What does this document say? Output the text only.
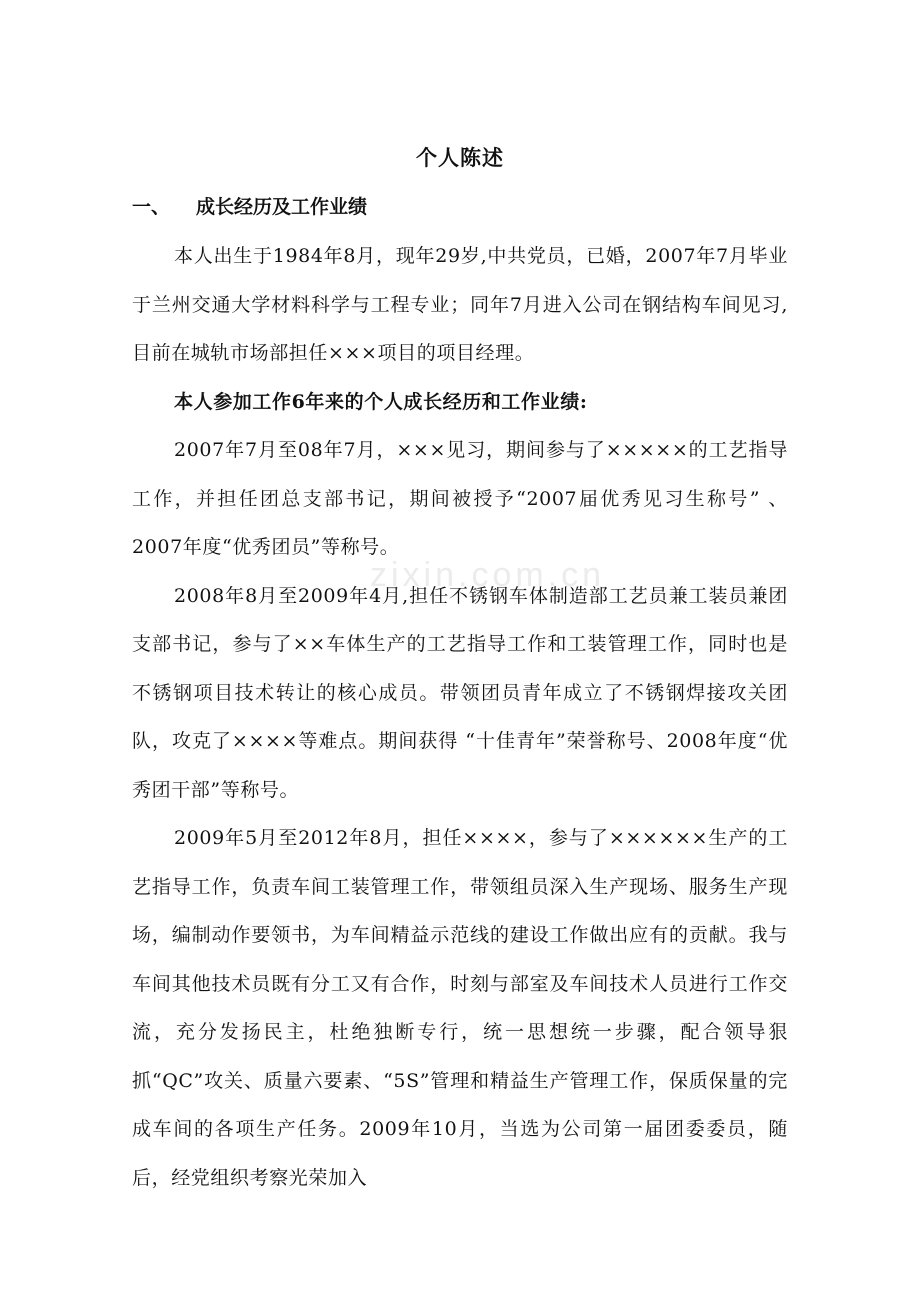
个人陈述
一、 成长经历及工作业绩

本人出生于1984年8月，现年29岁,中共党员，已婚，2007年7月毕业于兰州交通大学材料科学与工程专业；同年7月进入公司在钢结构车间见习,目前在城轨市场部担任×××项目的项目经理。

本人参加工作6年来的个人成长经历和工作业绩:

2007年7月至08年7月，×××见习，期间参与了×××××的工艺指导工作，并担任团总支部书记，期间被授予“2007届优秀见习生称号” 、2007年度“优秀团员”等称号。

2008年8月至2009年4月,担任不锈钢车体制造部工艺员兼工装员兼团支部书记，参与了××车体生产的工艺指导工作和工装管理工作，同时也是不锈钢项目技术转让的核心成员。带领团员青年成立了不锈钢焊接攻关团队，攻克了××××等难点。期间获得 “十佳青年”荣誉称号、2008年度“优秀团干部”等称号。

2009年5月至2012年8月，担任××××，参与了××××××生产的工艺指导工作，负责车间工装管理工作，带领组员深入生产现场、服务生产现场，编制动作要领书，为车间精益示范线的建设工作做出应有的贡献。我与车间其他技术员既有分工又有合作，时刻与部室及车间技术人员进行工作交流，充分发扬民主，杜绝独断专行，统一思想统一步骤，配合领导狠抓“QC”攻关、质量六要素、“5S”管理和精益生产管理工作，保质保量的完成车间的各项生产任务。2009年10月，当选为公司第一届团委委员，随后，经党组织考察光荣加入

zixin.com.cn
